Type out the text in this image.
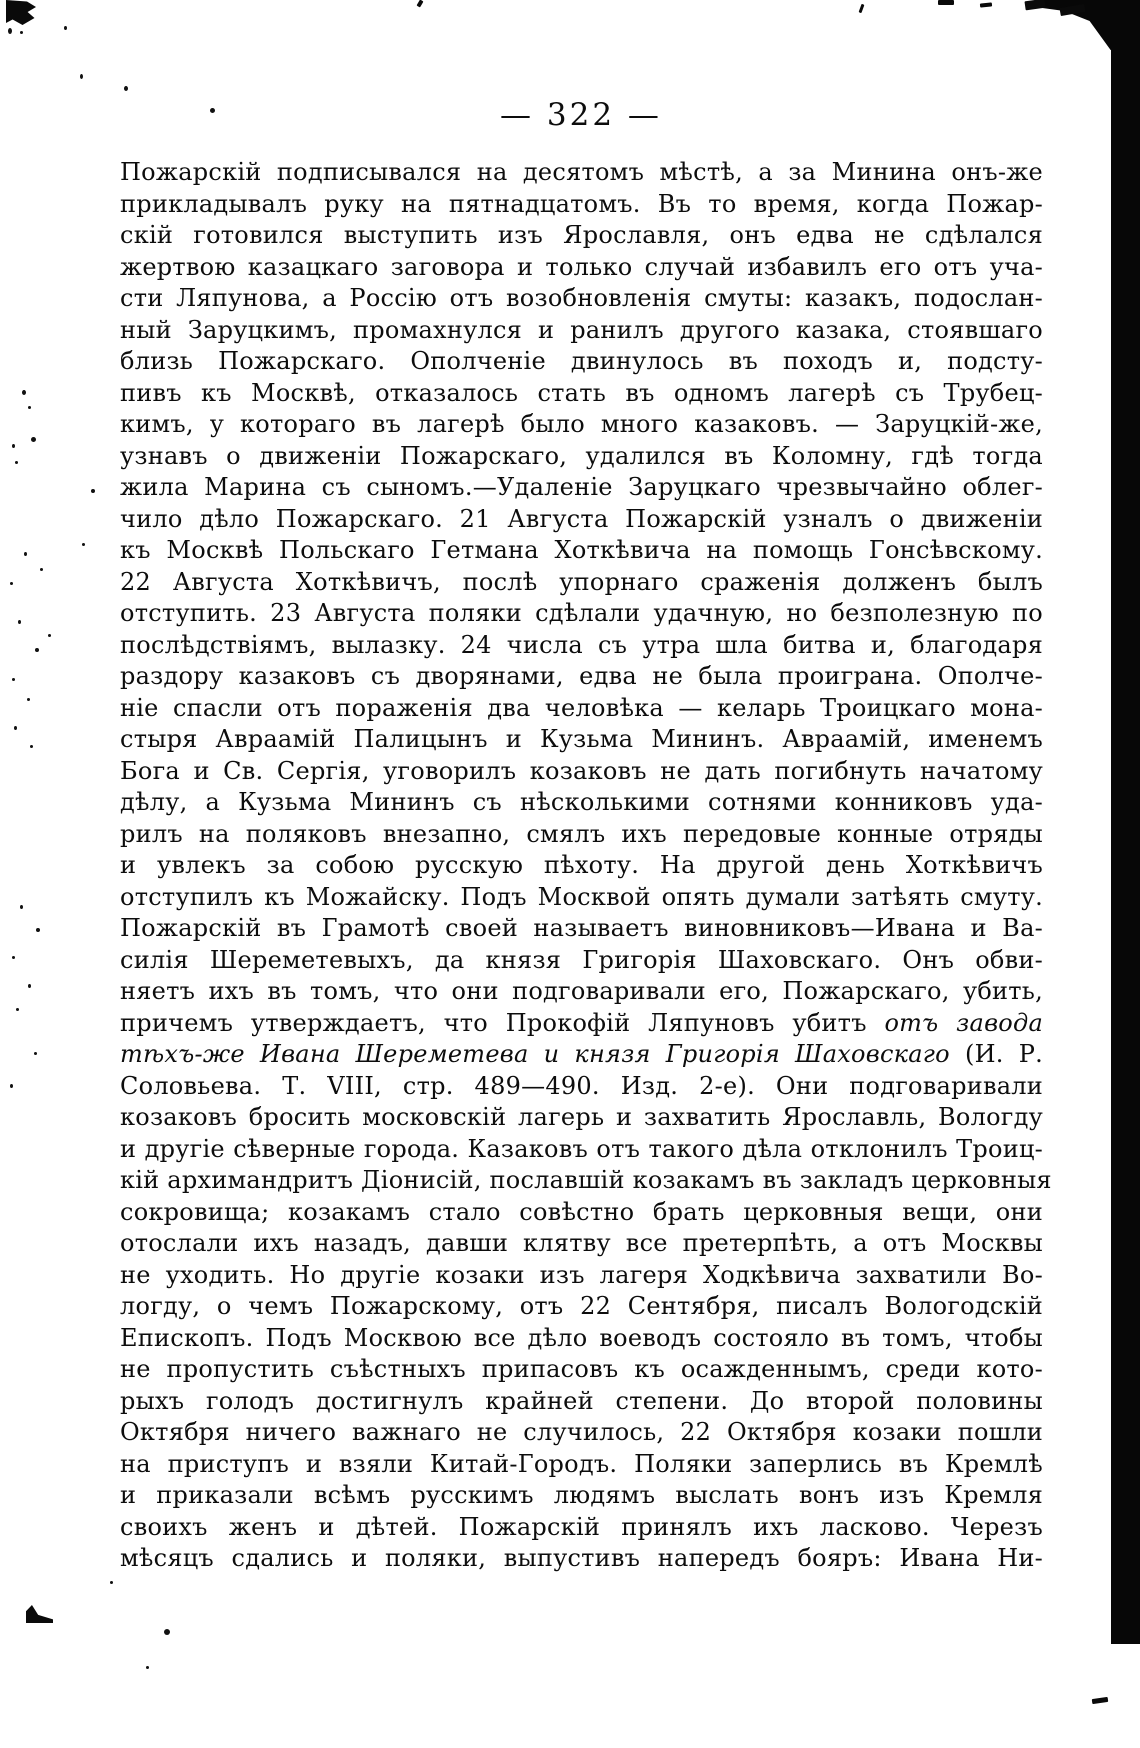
— 322 —
Пожарскій подписывался на десятомъ мѣстѣ, а за Минина онъ-же
прикладывалъ руку на пятнадцатомъ. Въ то время, когда Пожар-
скій готовился выступить изъ Ярославля, онъ едва не сдѣлался
жертвою казацкаго заговора и только случай избавилъ его отъ уча-
сти Ляпунова, а Россію отъ возобновленія смуты: казакъ, подослан-
ный Заруцкимъ, промахнулся и ранилъ другого казака, стоявшаго
близь Пожарскаго. Ополченіе двинулось въ походъ и, подсту-
пивъ къ Москвѣ, отказалось стать въ одномъ лагерѣ съ Трубец-
кимъ, у котораго въ лагерѣ было много казаковъ. — Заруцкій-же,
узнавъ о движеніи Пожарскаго, удалился въ Коломну, гдѣ тогда
жила Марина съ сыномъ.—Удаленіе Заруцкаго чрезвычайно облег-
чило дѣло Пожарскаго. 21 Августа Пожарскій узналъ о движеніи
къ Москвѣ Польскаго Гетмана Хоткѣвича на помощь Гонсѣвскому.
22 Августа Хоткѣвичъ, послѣ упорнаго сраженія долженъ былъ
отступить. 23 Августа поляки сдѣлали удачную, но безполезную по
послѣдствіямъ, вылазку. 24 числа съ утра шла битва и, благодаря
раздору казаковъ съ дворянами, едва не была проиграна. Ополче-
ніе спасли отъ пораженія два человѣка — келарь Троицкаго мона-
стыря Авраамій Палицынъ и Кузьма Мининъ. Авраамій, именемъ
Бога и Св. Сергія, уговорилъ козаковъ не дать погибнуть начатому
дѣлу, а Кузьма Мининъ съ нѣсколькими сотнями конниковъ уда-
рилъ на поляковъ внезапно, смялъ ихъ передовые конные отряды
и увлекъ за собою русскую пѣхоту. На другой день Хоткѣвичъ
отступилъ къ Можайску. Подъ Москвой опять думали затѣять смуту.
Пожарскій въ Грамотѣ своей называетъ виновниковъ—Ивана и Ва-
силія Шереметевыхъ, да князя Григорія Шаховскаго. Онъ обви-
няетъ ихъ въ томъ, что они подговаривали его, Пожарскаго, убить,
причемъ утверждаетъ, что Прокофій Ляпуновъ убитъ отъ завода
тѣхъ-же Ивана Шереметева и князя Григорія Шаховскаго (И. Р.
Соловьева. Т. VIII, стр. 489—490. Изд. 2-е). Они подговаривали
козаковъ бросить московскій лагерь и захватить Ярославль, Вологду
и другіе сѣверные города. Казаковъ отъ такого дѣла отклонилъ Троиц-
кій архимандритъ Діонисій, пославшій козакамъ въ закладъ церковныя
сокровища; козакамъ стало совѣстно брать церковныя вещи, они
отослали ихъ назадъ, давши клятву все претерпѣть, а отъ Москвы
не уходить. Но другіе козаки изъ лагеря Ходкѣвича захватили Во-
логду, о чемъ Пожарскому, отъ 22 Сентября, писалъ Вологодскій
Епископъ. Подъ Москвою все дѣло воеводъ состояло въ томъ, чтобы
не пропустить съѣстныхъ припасовъ къ осажденнымъ, среди кото-
рыхъ голодъ достигнулъ крайней степени. До второй половины
Октября ничего важнаго не случилось, 22 Октября козаки пошли
на приступъ и взяли Китай-Городъ. Поляки заперлись въ Кремлѣ
и приказали всѣмъ русскимъ людямъ выслать вонъ изъ Кремля
своихъ женъ и дѣтей. Пожарскій принялъ ихъ ласково. Черезъ
мѣсяцъ сдались и поляки, выпустивъ напередъ бояръ: Ивана Ни-
